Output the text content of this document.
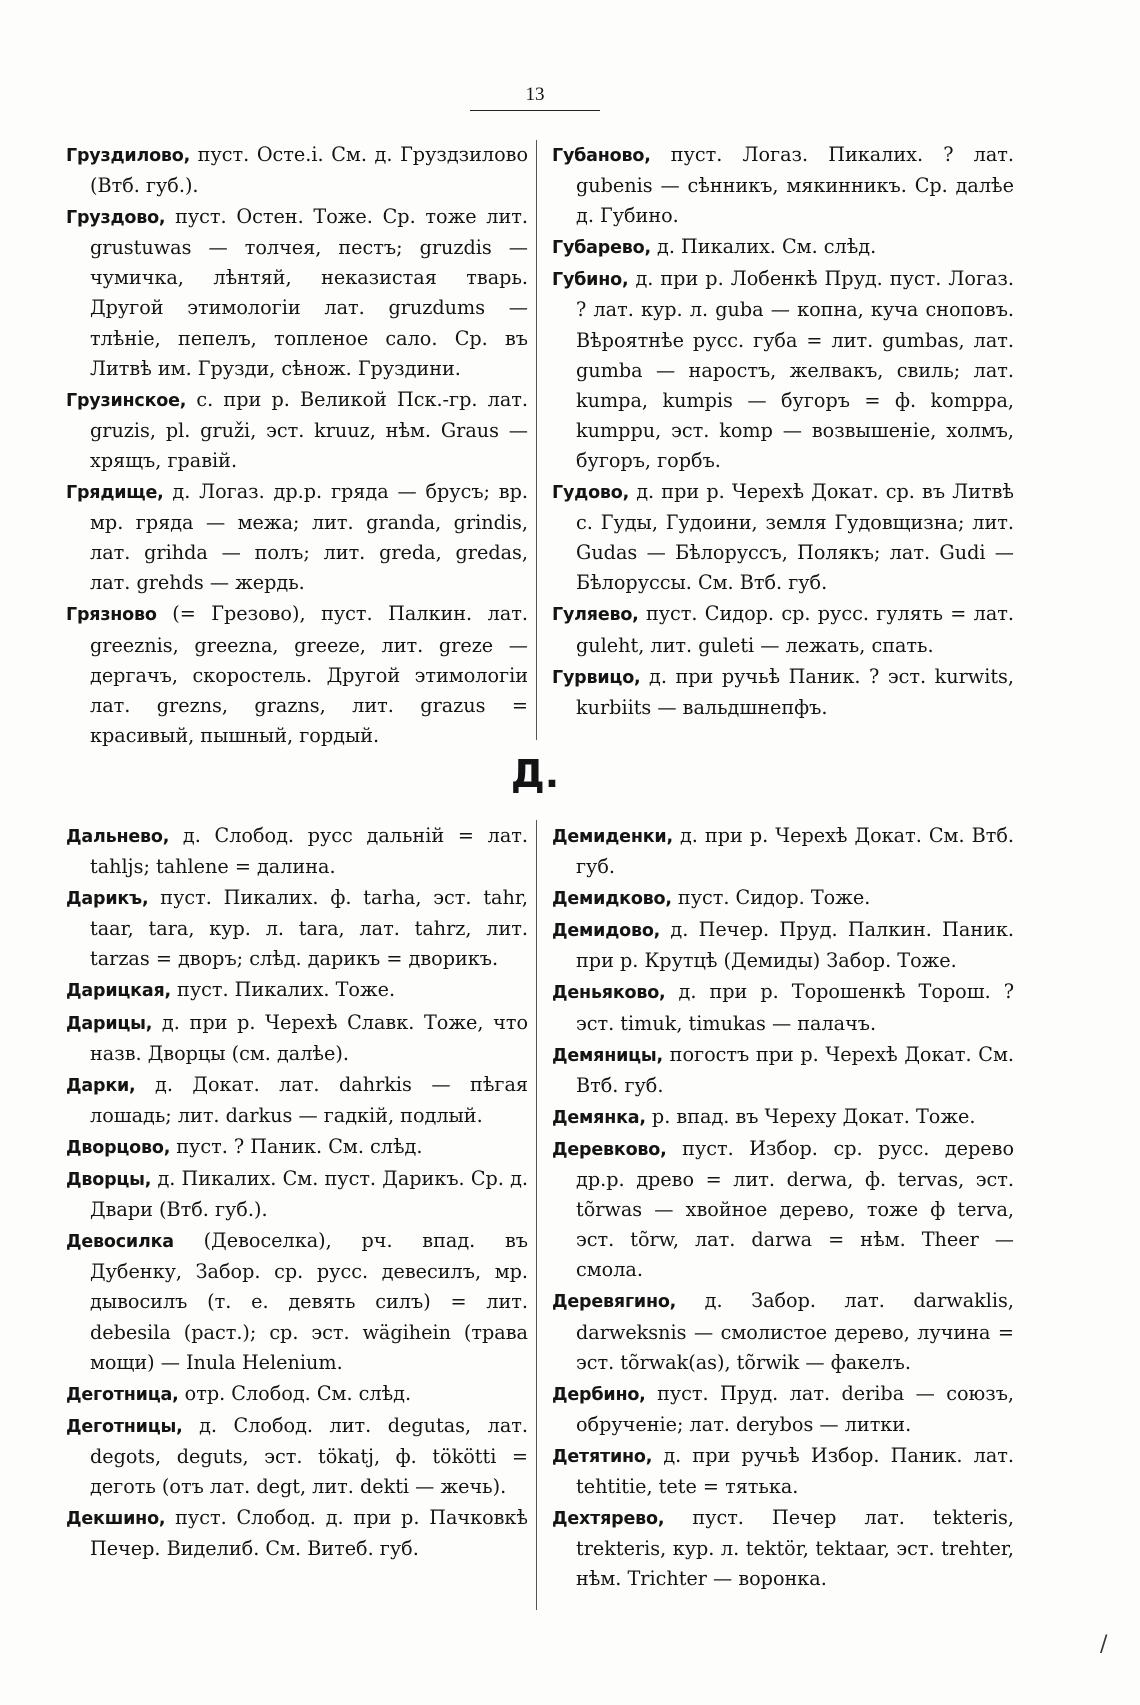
13

Груздилово, пуст. Осте.i. См. д. Груздзилово (Втб. губ.).

Груздово, пуст. Остен. Тоже. Ср. тоже лит. grustuwas — толчея, пестъ; gruzdis — чумичка, лѣнтяй, неказистая тварь. Другой этимологіи лат. gruzdums — тлѣніе, пепелъ, топленое сало. Ср. въ Литвѣ им. Грузди, сѣнож. Груздини.

Грузинское, с. при р. Великой Пск.-гр. лат. gruzis, pl. gruži, эст. kruuz, нѣм. Graus — хрящъ, гравій.

Грядище, д. Логаз. др.р. гряда — брусъ; вр. мр. гряда — межа; лит. granda, grindis, лат. grihda — полъ; лит. greda, gredas, лат. grehds — жердь.

Грязново (= Грезово), пуст. Палкин. лат. greeznis, greezna, greeze, лит. greze — дергачъ, скоростель. Другой этимологіи лат. grezns, grazns, лит. grazus = красивый, пышный, гордый.

Губаново, пуст. Логаз. Пикалих. ? лат. gubenis — сѣнникъ, мякинникъ. Ср. далѣе д. Губино.

Губарево, д. Пикалих. См. слѣд.

Губино, д. при р. Лобенкѣ Пруд. пуст. Логаз. ? лат. кур. л. guba — копна, куча сноповъ. Вѣроятнѣе русс. губа = лит. gumbas, лат. gumba — наростъ, желвакъ, свиль; лат. kumpa, kumpis — бугоръ = ф. komppa, kumppu, эст. komp — возвышеніе, холмъ, бугоръ, горбъ.

Гудово, д. при р. Черехѣ Докат. ср. въ Литвѣ с. Гуды, Гудоини, земля Гудовщизна; лит. Gudas — Бѣлоруссъ, Полякъ; лат. Gudi — Бѣлоруссы. См. Втб. губ.

Гуляево, пуст. Сидор. ср. русс. гулять = лат. guleht, лит. guleti — лежать, спать.

Гурвицо, д. при ручьѣ Паник. ? эст. kurwits, kurbiits — вальдшнепфъ.

Д.

Дальнево, д. Слобод. русс дальній = лат. tahljs; tahlene = далина.

Дарикъ, пуст. Пикалих. ф. tarha, эст. tahr, taar, tara, кур. л. tara, лат. tahrz, лит. tarzas = дворъ; слѣд. дарикъ = дворикъ.

Дарицкая, пуст. Пикалих. Тоже.

Дарицы, д. при р. Черехѣ Славк. Тоже, что назв. Дворцы (см. далѣе).

Дарки, д. Докат. лат. dahrkis — пѣгая лошадь; лит. darkus — гадкій, подлый.

Дворцово, пуст. ? Паник. См. слѣд.

Дворцы, д. Пикалих. См. пуст. Дарикъ. Ср. д. Двари (Втб. губ.).

Девосилка (Девоселка), рч. впад. въ Дубенку, Забор. ср. русс. девесилъ, мр. дывосилъ (т. е. девять силъ) = лит. debesila (раст.); ср. эст. wägihein (трава мощи) — Inula Helenium.

Деготница, отр. Слобод. См. слѣд.

Деготницы, д. Слобод. лит. degutas, лат. degots, deguts, эст. tökatj, ф. tökötti = деготь (отъ лат. degt, лит. dekti — жечь).

Декшино, пуст. Слобод. д. при р. Пачковкѣ Печер. Виделиб. См. Витеб. губ.

Демиденки, д. при р. Черехѣ Докат. См. Втб. губ.

Демидково, пуст. Сидор. Тоже.

Демидово, д. Печер. Пруд. Палкин. Паник. при р. Крутцѣ (Демиды) Забор. Тоже.

Деньяково, д. при р. Торошенкѣ Торош. ? эст. timuk, timukas — палачъ.

Демяницы, погостъ при р. Черехѣ Докат. См. Втб. губ.

Демянка, р. впад. въ Череху Докат. Тоже.

Деревково, пуст. Избор. ср. русс. дерево др.р. древо = лит. derwa, ф. tervas, эст. tõrwas — хвойное дерево, тоже ф terva, эст. tõrw, лат. darwa = нѣм. Theer — смола.

Деревягино, д. Забор. лат. darwaklis, darweksnis — смолистое дерево, лучина = эст. tõrwak(as), tõrwik — факелъ.

Дербино, пуст. Пруд. лат. deriba — союзъ, обрученіе; лат. derybos — литки.

Детятино, д. при ручьѣ Избор. Паник. лат. tehtitie, tete = тятька.

Дехтярево, пуст. Печер лат. tekteris, trekteris, кур. л. tektör, tektaar, эст. trehter, нѣм. Trichter — воронка.

/
